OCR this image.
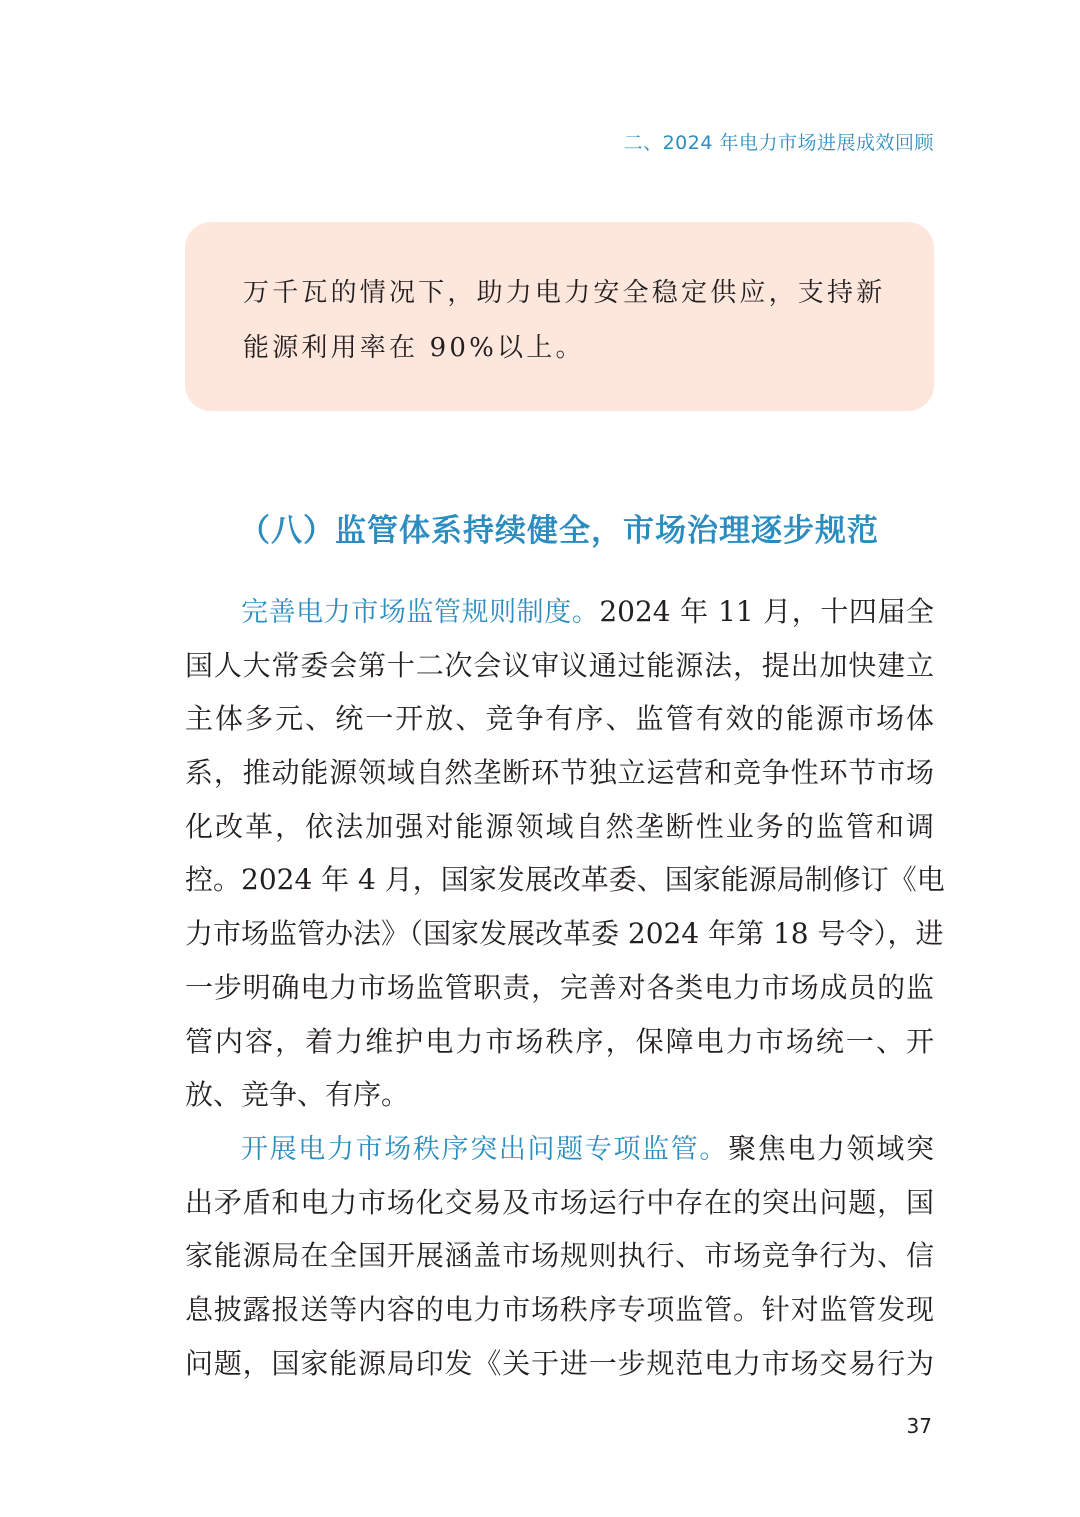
二、2024 年电力市场进展成效回顾
万千瓦的情况下，助力电力安全稳定供应，支持新
能源利用率在 90%以上。
（八）监管体系持续健全，市场治理逐步规范
完善电力市场监管规则制度。2024 年 11 月，十四届全
国人大常委会第十二次会议审议通过能源法，提出加快建立
主体多元、统一开放、竞争有序、监管有效的能源市场体
系，推动能源领域自然垄断环节独立运营和竞争性环节市场
化改革，依法加强对能源领域自然垄断性业务的监管和调
控。2024 年 4 月，国家发展改革委、国家能源局制修订《电
力市场监管办法》（国家发展改革委 2024 年第 18 号令），进
一步明确电力市场监管职责，完善对各类电力市场成员的监
管内容，着力维护电力市场秩序，保障电力市场统一、开
放、竞争、有序。
开展电力市场秩序突出问题专项监管。聚焦电力领域突
出矛盾和电力市场化交易及市场运行中存在的突出问题，国
家能源局在全国开展涵盖市场规则执行、市场竞争行为、信
息披露报送等内容的电力市场秩序专项监管。针对监管发现
问题，国家能源局印发《关于进一步规范电力市场交易行为
37
